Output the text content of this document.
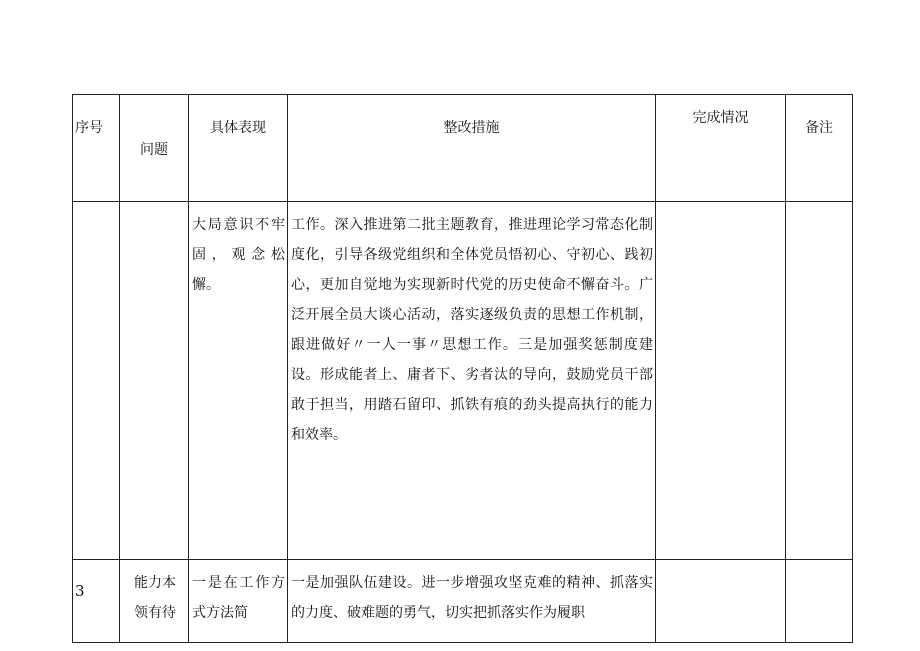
序号	问题	具体表现	整改措施	完成情况	备注
		大局意识不牢固，观念松懈。	工作。深入推进第二批主题教育，推进理论学习常态化制度化，引导各级党组织和全体党员悟初心、守初心、践初心，更加自觉地为实现新时代党的历史使命不懈奋斗。广泛开展全员大谈心活动，落实逐级负责的思想工作机制，跟进做好〃一人一事〃思想工作。三是加强奖惩制度建设。形成能者上、庸者下、劣者汰的导向，鼓励党员干部敢于担当，用踏石留印、抓铁有痕的劲头提高执行的能力和效率。		
3	能力本领有待	一是在工作方式方法简	一是加强队伍建设。进一步增强攻坚克难的精神、抓落实的力度、破难题的勇气，切实把抓落实作为履职		
